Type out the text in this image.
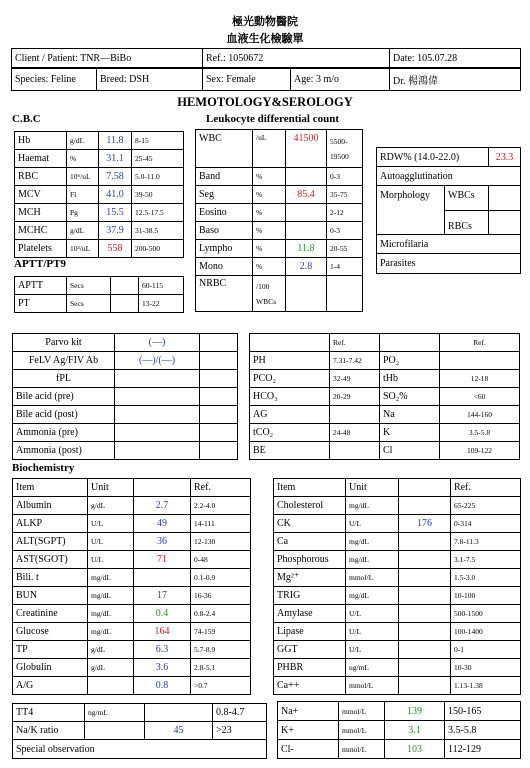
極光動物醫院
血液生化檢驗單
Client / Patient: TNR—BiBo	Ref.: 1050672	Date: 105.07.28
Species: Feline	Breed: DSH	Sex: Female	Age: 3 m/o	Dr. 楊鴻偉
HEMOTOLOGY&SEROLOGY
C.B.C	Leukocyte differential count
Hb	g/dL	11.8	8-15
Haemat	%	31.1	25-45
RBC	10⁶/uL	7.58	5.0-11.0
MCV	Fl	41.0	39-50
MCH	Pg	15.5	12.5-17.5
MCHC	g/dL	37.9	31-38.5
Platelets	10³/uL	558	200-500
APTT/PT9
APTT	Secs		60-115
PT	Secs		13-22
WBC	/uL	41500	5500-
19500

Band	%		0-3
Seg	%	85.4	35-75
Eosino	%		2-12
Baso	%		0-3
Lympho	%	11.8	20-55
Mono	%	2.8	1-4
NRBC	/100
WBCs		

RDW% (14.0-22.0)		23.3
Autoagglutination		
Morphology	WBCs	
	RBCs	
Microfilaria		
Parasites		
Parvo kit	(—)	
FeLV Ag/FIV Ab	(—)/(—)	
fPL		
Bile acid (pre)		
Bile acid (post)		
Ammonia (pre)		
Ammonia (post)		
	Ref.		Ref.
PH	7.31-7.42	PO₂	
PCO₂	32-49	tHb	12-18
HCO₃	20-29	SO₂%	<60
AG		Na	144-160
tCO₂	24-48	K	3.5-5.8
BE		Cl	109-122
Biochemistry
Item	Unit		Ref.
Albumin	g/dL	2.7	2.2-4.0
ALKP	U/L	49	14-111
ALT(SGPT)	U/L	36	12-130
AST(SGOT)	U/L	71	0-48
Bili. t	mg/dL		0.1-0.9
BUN	mg/dL	17	16-36
Creatinine	mg/dL	0.4	0.8-2.4
Glucose	mg/dL	164	74-159
TP	g/dL	6.3	5.7-8.9
Globulin	g/dL	3.6	2.8-5.1
A/G		0.8	>0.7
Item	Unit		Ref.
Cholesterol	mg/dL		65-225
CK	U/L	176	0-314
Ca	mg/dL		7.8-11.3
Phosphorous	mg/dL		3.1-7.5
Mg²⁺	mmol/L		1.5-3.0
TRIG	mg/dL		10-100
Amylase	U/L		500-1500
Lipase	U/L		100-1400
GGT	U/L		0-1
PHBR	ug/mL		10-30
Ca++	mmol/L		1.13-1.38
TT4	ng/mL		0.8-4.7
Na/K ratio		45	>23
Special observation			
Na+	mmol/L	139	150-165
K+	mmol/L	3.1	3.5-5.8
Cl-	mmol/L	103	112-129
